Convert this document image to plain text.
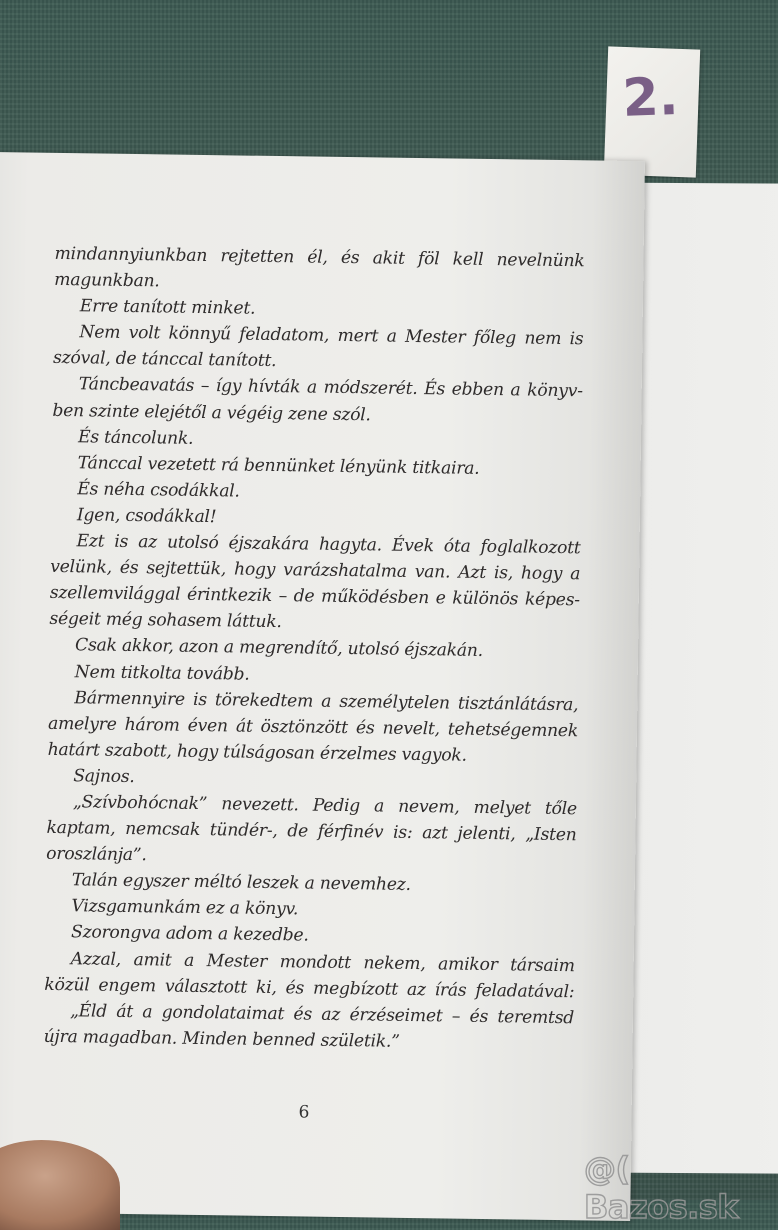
2.
mindannyiunkban rejtetten él, és akit föl kell nevelnünk
magunkban.
Erre tanított minket.
Nem volt könnyű feladatom, mert a Mester főleg nem is
szóval, de tánccal tanított.
Táncbeavatás – így hívták a módszerét. És ebben a könyv-
ben szinte elejétől a végéig zene szól.
És táncolunk.
Tánccal vezetett rá bennünket lényünk titkaira.
És néha csodákkal.
Igen, csodákkal!
Ezt is az utolsó éjszakára hagyta. Évek óta foglalkozott
velünk, és sejtettük, hogy varázshatalma van. Azt is, hogy a
szellemvilággal érintkezik – de működésben e különös képes-
ségeit még sohasem láttuk.
Csak akkor, azon a megrendítő, utolsó éjszakán.
Nem titkolta tovább.
Bármennyire is törekedtem a személytelen tisztánlátásra,
amelyre három éven át ösztönzött és nevelt, tehetségemnek
határt szabott, hogy túlságosan érzelmes vagyok.
Sajnos.
„Szívbohócnak” nevezett. Pedig a nevem, melyet tőle
kaptam, nemcsak tündér-, de férfinév is: azt jelenti, „Isten
oroszlánja”.
Talán egyszer méltó leszek a nevemhez.
Vizsgamunkám ez a könyv.
Szorongva adom a kezedbe.
Azzal, amit a Mester mondott nekem, amikor társaim
közül engem választott ki, és megbízott az írás feladatával:
„Éld át a gondolataimat és az érzéseimet – és teremtsd
újra magadban. Minden benned születik.”
6
@( Bazos.sk
